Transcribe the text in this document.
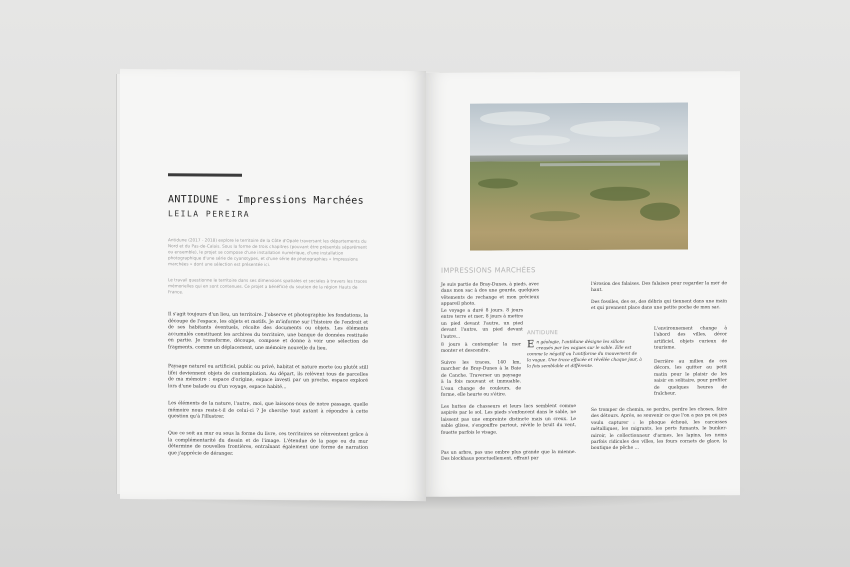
ANTIDUNE - Impressions Marchées
LEILA PEREIRA

Antidune (2017 - 2018) explore le territoire de la Côte d'Opale traversant les départements du Nord et du Pas-de-Calais. Sous la forme de trois chapitres (pouvant être présentés séparément ou ensemble), le projet se compose d'une installation numérique, d'une installation photographique d'une série de cyanotypes, et d'une série de photographies « Impressions marchées » dont une sélection est présentée ici.

Le travail questionne le territoire dans ses dimensions spatiales et sociales à travers les traces mémorielles qui en sont contenues. Ce projet a bénéficié du soutien de la région Hauts de France.

Il s'agit toujours d'un lieu, un territoire. J'observe et photographie les fondations, la découpe de l'espace, les objets et motifs. Je m'informe sur l'histoire de l'endroit et de ses habitants éventuels, récolte des documents ou objets. Les éléments accumulés constituent les archives du territoire, une banque de données restituée en partie. Je transforme, découpe, compose et donne à voir une sélection de fragments, comme un déplacement, une mémoire nouvelle du lieu.

Paysage naturel ou artificiel, public ou privé, habitat et nature morte (ou plutôt still life) deviennent objets de contemplation. Au départ, ils relèvent tous de parcelles de ma mémoire : espace d'origine, espace investi par un proche, espace exploré lors d'une balade ou d'un voyage, espace habité...

Les éléments de la nature, l'autre, moi, que laissons-nous de notre passage, quelle mémoire nous reste-t-il de celui-ci ? Je cherche tout autant à répondre à cette question qu'à l'illustrer.

Que ce soit au mur ou sous la forme du livre, ces territoires se réinventent grâce à la complémentarité du dessin et de l'image. L'étendue de la page ou du mur détermine de nouvelles frontières, entraînant également une forme de narration que j'apprécie de déranger.

IMPRESSIONS MARCHÉES

Je suis partie de Bray-Dunes, à pieds, avec dans mon sac à dos une gourde, quelques vêtements de rechange et mon précieux appareil photo.

Le voyage a duré 8 jours. 8 jours entre terre et mer, 8 jours à mettre un pied devant l'autre, un pied devant l'autre, un pied devant l'autre...

8 jours à contempler la mer monter et descendre.

Suivre les traces, 140 km, marcher de Bray-Dunes à la Baie de Canche. Traverser un paysage à la fois mouvant et immuable. L'eau change de couleurs, de forme, elle heurte ou s'étire.

Les huttes de chasseurs et leurs lacs semblent comme aspirés par le sol. Les pieds s'enfoncent dans le sable, ne laissent pas une empreinte distincte mais un creux. Le sable glisse, s'engouffre partout, révèle le bruit du vent, fouette parfois le visage.

Pas un arbre, pas une ombre plus grande que la mienne. Des blockhaus ponctuellement, offrant par

ANTIDUNE

En géologie, l'antidune désigne les sillons creusés par les vagues sur le sable. Elle est comme le négatif ou l'antiforme du mouvement de la vague. Une trace effacée et révélée chaque jour, à la fois semblable et différente.

l'érosion des falaises. Des falaises pour regarder la mer de haut.

Des fossiles, des os, des débris qui tiennent dans une main et qui prennent place dans une petite poche de mon sac.

L'environnement change à l'abord des villes, décor artificiel, objets curieux de tourisme.

Derrière au milieu de ces décors, les quitter au petit matin pour le plaisir de les saisir en solitaire, pour profiter de quelques heures de fraîcheur.

Se tromper de chemin, se perdre, perdre les choses, faire des détours. Après, se souvenir ce que l'on a pas pu ou pas voulu capturer : le phoque échoué, les carcasses métalliques, les migrants, les ports fumants, le bunker-miroir, le collectionneur d'armes, les lapins, les noms parfois ridicules des villes, les fours cornets de glace, la boutique de pêche ...
